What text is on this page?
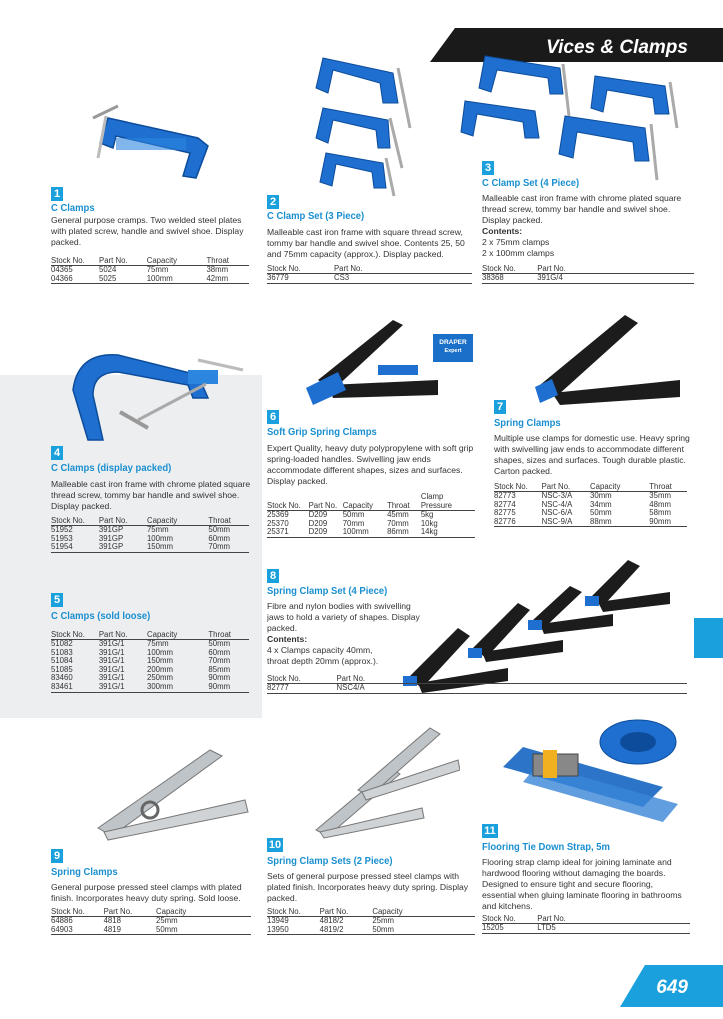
Vices & Clamps
DRAPER
Expert
1
C Clamps
General purpose cramps. Two welded steel plates with plated screw, handle and swivel shoe. Display packed.
Stock No.	Part No.	Capacity	Throat
04365	5024	75mm	38mm
04366	5025	100mm	42mm
2
C Clamp Set (3 Piece)
Malleable cast iron frame with square thread screw, tommy bar handle and swivel shoe. Contents 25, 50 and 75mm capacity (approx.). Display packed.
Stock No.	Part No.
36779	CS3
3
C Clamp Set (4 Piece)
Malleable cast iron frame with chrome plated square thread screw, tommy bar handle and swivel shoe. Display packed.
Contents:
2 x 75mm clamps
2 x 100mm clamps
Stock No.	Part No.
38368	391G/4
4
C Clamps (display packed)
Malleable cast iron frame with chrome plated square thread screw, tommy bar handle and swivel shoe. Display packed.
Stock No.	Part No.	Capacity	Throat
51952	391GP	75mm	50mm
51953	391GP	100mm	60mm
51954	391GP	150mm	70mm
5
C Clamps (sold loose)
Stock No.	Part No.	Capacity	Throat
51082	391G/1	75mm	50mm
51083	391G/1	100mm	60mm
51084	391G/1	150mm	70mm
51085	391G/1	200mm	85mm
83460	391G/1	250mm	90mm
83461	391G/1	300mm	90mm
6
Soft Grip Spring Clamps
Expert Quality, heavy duty polypropylene with soft grip spring-loaded handles. Swivelling jaw ends accommodate different shapes, sizes and surfaces. Display packed.
Stock No.	Part No.	Capacity	Throat	Clamp Pressure
25369	D209	50mm	45mm	5kg
25370	D209	70mm	70mm	10kg
25371	D209	100mm	86mm	14kg
7
Spring Clamps
Multiple use clamps for domestic use. Heavy spring with swivelling jaw ends to accommodate different shapes, sizes and surfaces. Tough durable plastic. Carton packed.
Stock No.	Part No.	Capacity	Throat
82773	NSC-3/A	30mm	35mm
82774	NSC-4/A	34mm	48mm
82775	NSC-6/A	50mm	58mm
82776	NSC-9/A	88mm	90mm
8
Spring Clamp Set (4 Piece)
Fibre and nylon bodies with swivelling jaws to hold a variety of shapes. Display packed.
Contents:
4 x Clamps capacity 40mm,
throat depth 20mm (approx.).
Stock No.	Part No.
82777	NSC4/A
9
Spring Clamps
General purpose pressed steel clamps with plated finish. Incorporates heavy duty spring. Sold loose.
Stock No.	Part No.	Capacity
64886	4818	25mm
64903	4819	50mm
10
Spring Clamp Sets (2 Piece)
Sets of general purpose pressed steel clamps with plated finish. Incorporates heavy duty spring. Display packed.
Stock No.	Part No.	Capacity
13949	4818/2	25mm
13950	4819/2	50mm
11
Flooring Tie Down Strap, 5m
Flooring strap clamp ideal for joining laminate and hardwood flooring without damaging the boards. Designed to ensure tight and secure flooring, essential when gluing laminate flooring in bathrooms and kitchens.
Stock No.	Part No.
15205	LTD5
649
